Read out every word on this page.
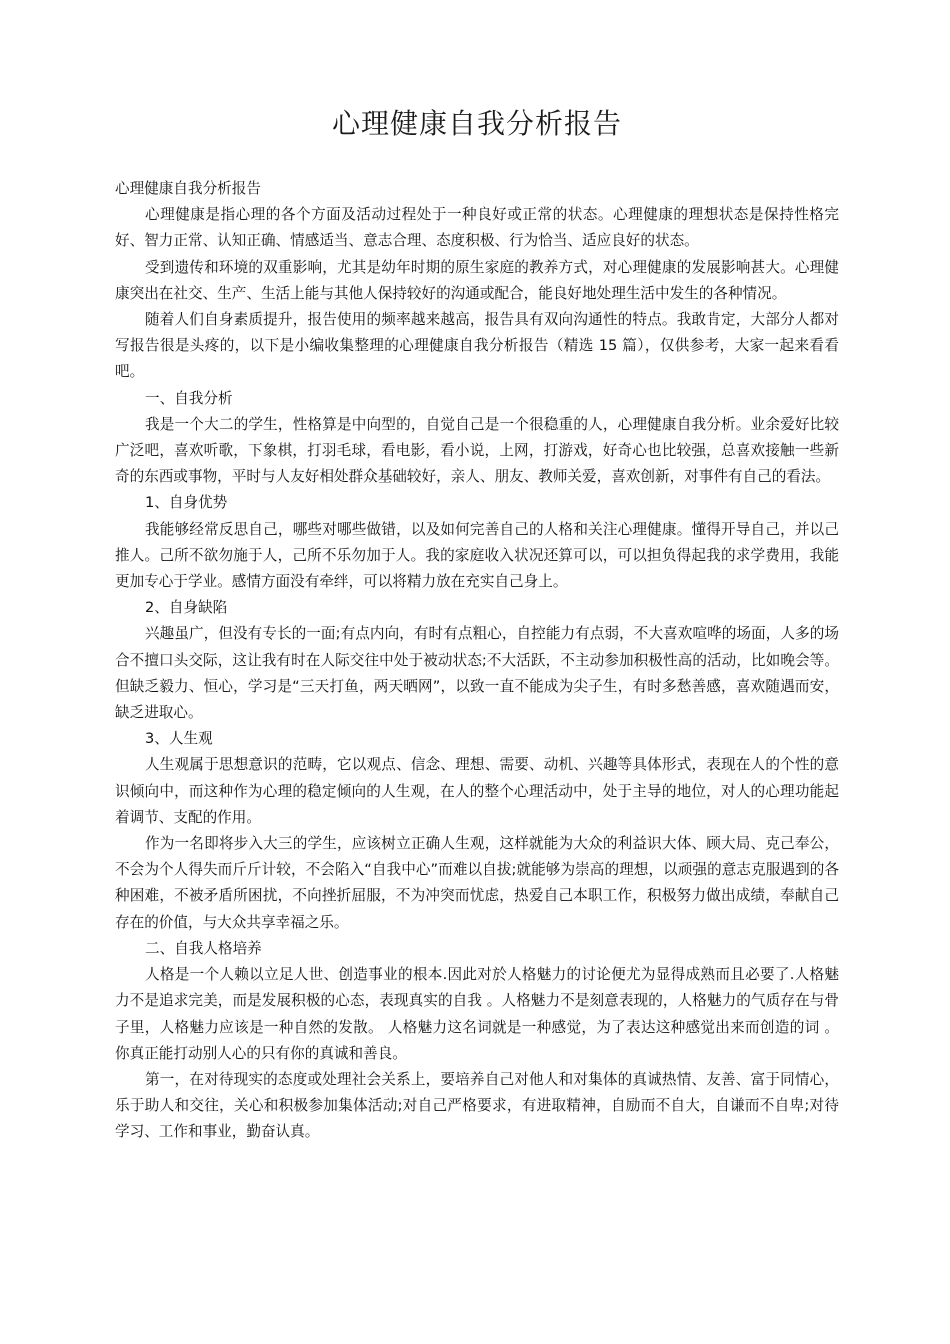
心理健康自我分析报告

心理健康自我分析报告

心理健康是指心理的各个方面及活动过程处于一种良好或正常的状态。心理健康的理想状态是保持性格完好、智力正常、认知正确、情感适当、意志合理、态度积极、行为恰当、适应良好的状态。

受到遗传和环境的双重影响，尤其是幼年时期的原生家庭的教养方式，对心理健康的发展影响甚大。心理健康突出在社交、生产、生活上能与其他人保持较好的沟通或配合，能良好地处理生活中发生的各种情况。

随着人们自身素质提升，报告使用的频率越来越高，报告具有双向沟通性的特点。我敢肯定，大部分人都对写报告很是头疼的，以下是小编收集整理的心理健康自我分析报告（精选 15 篇），仅供参考，大家一起来看看吧。

一、自我分析

我是一个大二的学生，性格算是中向型的，自觉自己是一个很稳重的人，心理健康自我分析。业余爱好比较广泛吧，喜欢听歌，下象棋，打羽毛球，看电影，看小说，上网，打游戏，好奇心也比较强，总喜欢接触一些新奇的东西或事物，平时与人友好相处群众基础较好，亲人、朋友、教师关爱，喜欢创新，对事件有自己的看法。

1、自身优势

我能够经常反思自己，哪些对哪些做错，以及如何完善自己的人格和关注心理健康。懂得开导自己，并以己推人。己所不欲勿施于人，己所不乐勿加于人。我的家庭收入状况还算可以，可以担负得起我的求学费用，我能更加专心于学业。感情方面没有牵绊，可以将精力放在充实自己身上。

2、自身缺陷

兴趣虽广，但没有专长的一面;有点内向，有时有点粗心，自控能力有点弱，不大喜欢喧哗的场面，人多的场合不擅口头交际，这让我有时在人际交往中处于被动状态;不大活跃，不主动参加积极性高的活动，比如晚会等。但缺乏毅力、恒心，学习是“三天打鱼，两天晒网”，以致一直不能成为尖子生，有时多愁善感，喜欢随遇而安，缺乏进取心。

3、人生观

人生观属于思想意识的范畴，它以观点、信念、理想、需要、动机、兴趣等具体形式，表现在人的个性的意识倾向中，而这种作为心理的稳定倾向的人生观，在人的整个心理活动中，处于主导的地位，对人的心理功能起着调节、支配的作用。

作为一名即将步入大三的学生，应该树立正确人生观，这样就能为大众的利益识大体、顾大局、克己奉公，不会为个人得失而斤斤计较，不会陷入“自我中心”而难以自拔;就能够为崇高的理想，以顽强的意志克服遇到的各种困难，不被矛盾所困扰，不向挫折屈服，不为冲突而忧虑，热爱自己本职工作，积极努力做出成绩，奉献自己存在的价值，与大众共享幸福之乐。

二、自我人格培养

人格是一个人赖以立足人世、创造事业的根本.因此对於人格魅力的讨论便尤为显得成熟而且必要了.人格魅力不是追求完美，而是发展积极的心态，表现真实的自我 。人格魅力不是刻意表现的，人格魅力的气质存在与骨子里，人格魅力应该是一种自然的发散。 人格魅力这名词就是一种感觉，为了表达这种感觉出来而创造的词 。你真正能打动别人心的只有你的真诚和善良。

第一，在对待现实的态度或处理社会关系上，要培养自己对他人和对集体的真诚热情、友善、富于同情心，乐于助人和交往，关心和积极参加集体活动;对自己严格要求，有进取精神，自励而不自大，自谦而不自卑;对待学习、工作和事业，勤奋认真。
